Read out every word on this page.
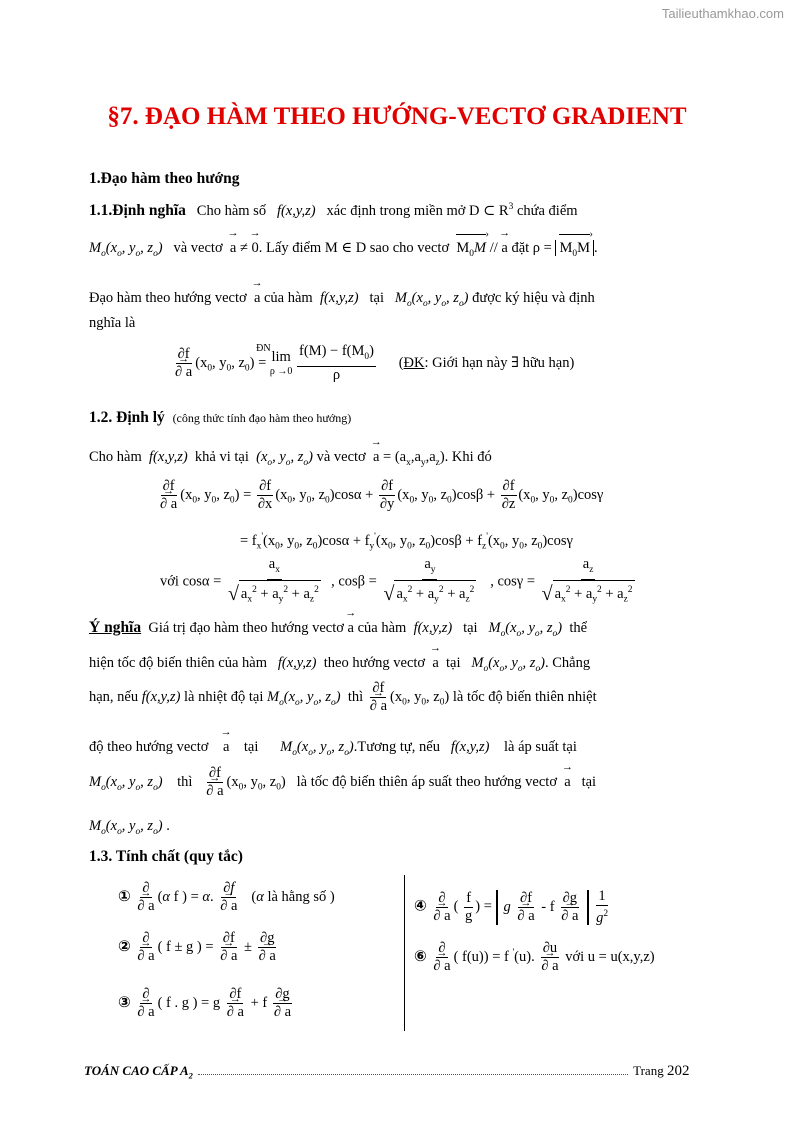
Tailieuthamkhao.com
§7. ĐẠO HÀM THEO HƯỚNG-VECTƠ GRADIENT
1.Đạo hàm theo hướng
1.1.Định nghĩa Cho hàm số f(x,y,z) xác định trong miền mở D ⊂ $R^3$ chứa điểm
$M_o(x_o$, $y_o$, $z_o$) và vectơ → a ≠ → 0. Lấy điểm M ∈ D sao cho vectơ $M_0M$ › // → a đặt $\rho = M_0M$ › .
Đạo hàm theo hướng vectơ → a của hàm f(x,y,z) tại $M_o(x_o$, $y_o$, $z_o$) được ký hiệu và định
nghĩa là
∂f
→ ∂ a ($x_0$, $y_0$, $z_0$) =
ĐN

lim
ρ →0
$\frac{f(M) - f(M_0)}{\rho}$ (ĐK: Giới hạn này ∃ hữu hạn)
1.2. Định lý (công thức tính đạo hàm theo hướng)
Cho hàm f(x,y,z) khả vi tại ($x_o$, $y_o$, $z_o$) và vectơ → $a = (a_x,a_y,a_z)$. Khi đó
∂f
→ ∂ a ($x_0$, $y_0$, $z_0) = \frac{\partial f}{\partial x} (x_0$, $y_0$, $z_0)\cos\alpha + \frac{\partial f}{\partial y} (x_0$, $y_0$, $z_0)\cos\beta + \frac{\partial f}{\partial z} (x_0$, $y_0$, $z_0)\cos\gamma$
= $f_x'(x_0$, $y_0$, $z_0)\cos\alpha + f_y'(x_0$, $y_0$, $z_0)\cos\beta + f_z'(x_0$, $y_0$, $z_0)\cos\gamma$
với $\cos\alpha = \frac{a_x}{√ a_x^2 + a_y^2 + a_z^2}$ , $\cos\beta = \frac{a_y}{√ a_x^2 + a_y^2 + a_z^2}$ , $\cos\gamma = \frac{a_z}{√ a_x^2 + a_y^2 + a_z^2}$
Ý nghĩa Giá trị đạo hàm theo hướng vectơ → a của hàm f(x,y,z) tại $M_o(x_o$, $y_o$, $z_o$) thể
hiện tốc độ biến thiên của hàm f(x,y,z) theo hướng vectơ → a tại $M_o(x_o$, $y_o$, $z_o$). Chẳng
hạn, nếu f(x,y,z) là nhiệt độ tại $M_o(x_o$, $y_o$, $z_o$) thì ∂f
→ ∂ a ($x_0$, $y_0$, $z_0$) là tốc độ biến thiên nhiệt
độ theo hướng vectơ → a tại $M_o(x_o$, $y_o$, $z_o).Tương$ tự, nếu f(x,y,z) là áp suất tại
$M_o(x_o$, $y_o$, $z_o$) thì ∂f
→ ∂ a ($x_0$, $y_0$, $z_0$)   là tốc độ biến thiên áp suất theo hướng vectơ → a tại
$M_o(x_o$, $y_o$, $z_o$) .
1.3. Tính chất (quy tắc)
① ∂
→ ∂ a (α f ) = α. ∂f
→ ∂ a (α là hằng số )
② ∂
→ ∂ a ( f ± g ) = ∂f
→ ∂ a ± ∂g
→ ∂ a
③ ∂
→ ∂ a ( f . g ) = g ∂f
→ ∂ a + f ∂g
→ ∂ a
④ ∂
→ ∂ a ( $\frac{f}{g}$ ) = g ∂f
→ ∂ a - f ∂g
→ ∂ a
$\frac{1}{g^2}$
⑥ ∂
→ ∂ a ( f(u)) = f '(u). ∂u
→ ∂ a với u = u(x,y,z)
TOÁN CAO CẤP $A_2$	Trang 202
